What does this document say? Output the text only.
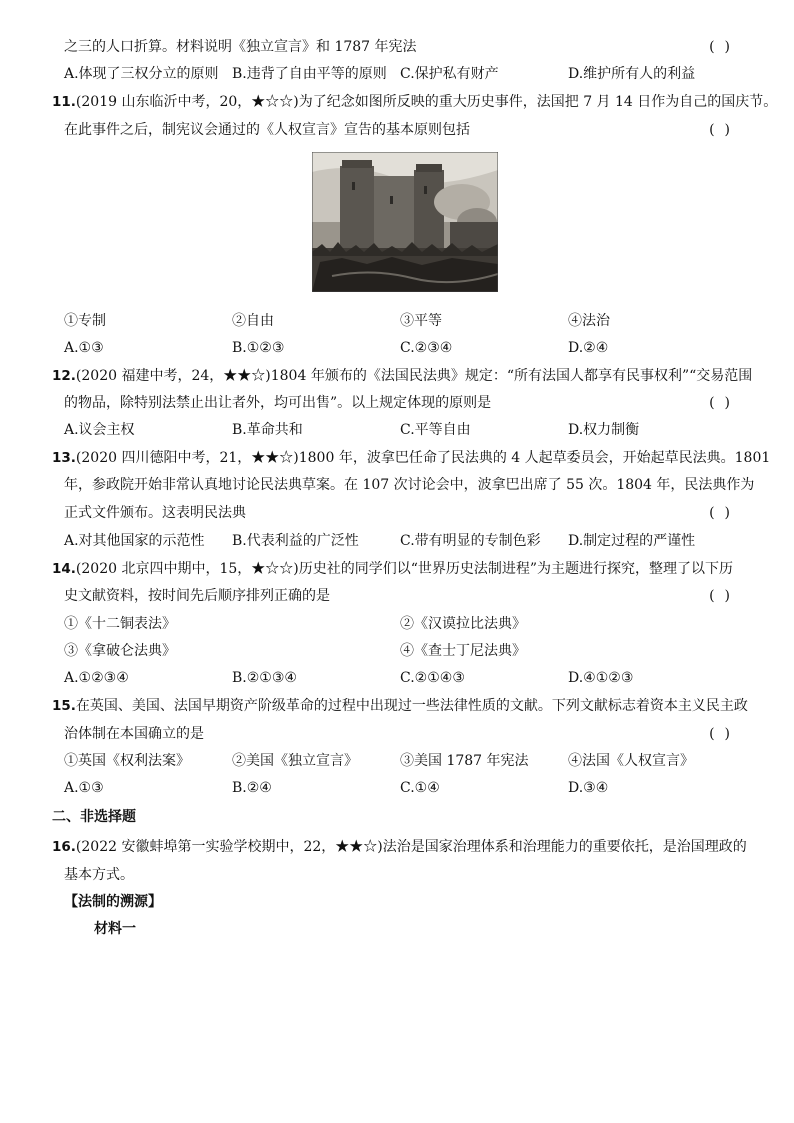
之三的人口折算。材料说明《独立宣言》和 1787 年宪法	()
A.体现了三权分立的原则 B.违背了自由平等的原则 C.保护私有财产	D.维护所有人的利益
11.(2019 山东临沂中考，20，★☆☆)为了纪念如图所反映的重大历史事件，法国把 7 月 14 日作为自己的国庆节。
在此事件之后，制宪议会通过的《人权宣言》宣告的基本原则包括	()
①专制	②自由	③平等	④法治
A.①③	B.①②③	C.②③④	D.②④
12.(2020 福建中考，24，★★☆)1804 年颁布的《法国民法典》规定：“所有法国人都享有民事权利”“交易范围
的物品，除特别法禁止出让者外，均可出售”。以上规定体现的原则是	()
A.议会主权	B.革命共和	C.平等自由	D.权力制衡
13.(2020 四川德阳中考，21，★★☆)1800 年，波拿巴任命了民法典的 4 人起草委员会，开始起草民法典。1801
年，参政院开始非常认真地讨论民法典草案。在 107 次讨论会中，波拿巴出席了 55 次。1804 年，民法典作为
正式文件颁布。这表明民法典	()
A.对其他国家的示范性 B.代表利益的广泛性	C.带有明显的专制色彩 D.制定过程的严谨性
14.(2020 北京四中期中，15，★☆☆)历史社的同学们以“世界历史法制进程”为主题进行探究，整理了以下历
史文献资料，按时间先后顺序排列正确的是	()
①《十二铜表法》	②《汉谟拉比法典》
③《拿破仑法典》	④《查士丁尼法典》
A.①②③④	B.②①③④	C.②①④③	D.④①②③
15.在英国、美国、法国早期资产阶级革命的过程中出现过一些法律性质的文献。下列文献标志着资本主义民主政
治体制在本国确立的是	()
①英国《权利法案》	②美国《独立宣言》	③美国 1787 年宪法	④法国《人权宣言》
A.①③	B.②④	C.①④	D.③④
二、非选择题
16.(2022 安徽蚌埠第一实验学校期中，22，★★☆)法治是国家治理体系和治理能力的重要依托，是治国理政的
基本方式。
【法制的溯源】
材料一
